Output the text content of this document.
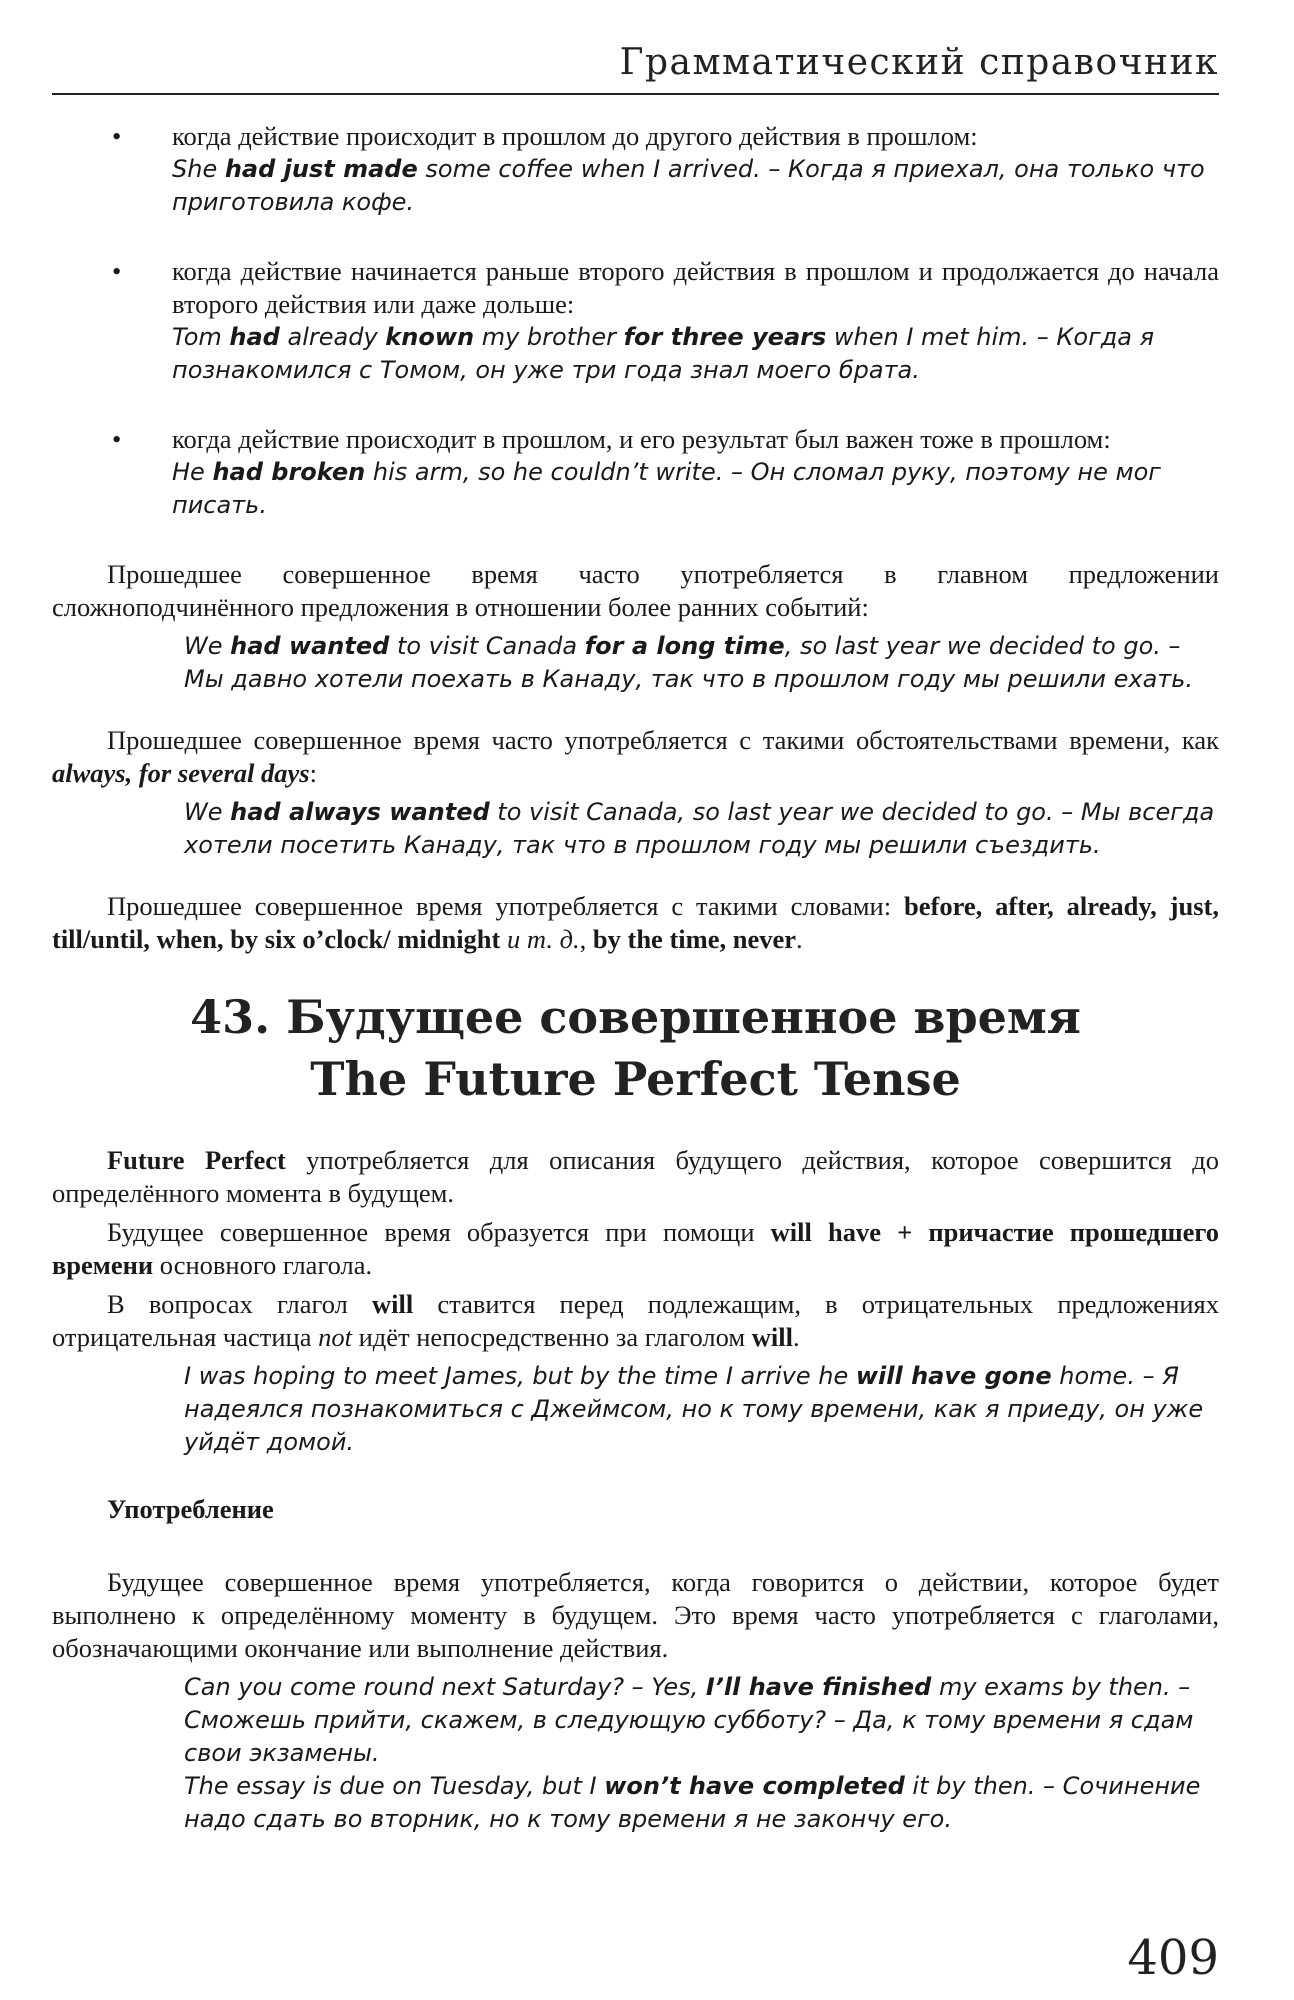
Грамматический справочник
• когда действие происходит в прошлом до другого действия в прошлом:
She had just made some coffee when I arrived. – Когда я приехал, она только что приготовила кофе.
• когда действие начинается раньше второго действия в прошлом и продолжается до начала второго действия или даже дольше:
Tom had already known my brother for three years when I met him. – Когда я познакомился с Томом, он уже три года знал моего брата.
• когда действие происходит в прошлом, и его результат был важен тоже в прошлом:
He had broken his arm, so he couldn’t write. – Он сломал руку, поэтому не мог писать.

Прошедшее совершенное время часто употребляется в главном предложении сложноподчинённого предложения в отношении более ранних событий:

We had wanted to visit Canada for a long time, so last year we decided to go. – Мы давно хотели поехать в Канаду, так что в прошлом году мы решили ехать.

Прошедшее совершенное время часто употребляется с такими обстоятельствами времени, как always, for several days:

We had always wanted to visit Canada, so last year we decided to go. – Мы всегда хотели посетить Канаду, так что в прошлом году мы решили съездить.

Прошедшее совершенное время употребляется с такими словами: before, after, already, just, till/until, when, by six o’clock/ midnight и т. д., by the time, never.

43. Будущее совершенное время
The Future Perfect Tense

Future Perfect употребляется для описания будущего действия, которое совершится до определённого момента в будущем.

Будущее совершенное время образуется при помощи will have + причастие прошедшего времени основного глагола.

В вопросах глагол will ставится перед подлежащим, в отрицательных предложениях отрицательная частица not идёт непосредственно за глаголом will.

I was hoping to meet James, but by the time I arrive he will have gone home. – Я надеялся познакомиться с Джеймсом, но к тому времени, как я приеду, он уже уйдёт домой.
Употребление

Будущее совершенное время употребляется, когда говорится о действии, которое будет выполнено к определённому моменту в будущем. Это время часто употребляется с глаголами, обозначающими окончание или выполнение действия.

Can you come round next Saturday? – Yes, I’ll have finished my exams by then. – Сможешь прийти, скажем, в следующую субботу? – Да, к тому времени я сдам свои экзамены.
The essay is due on Tuesday, but I won’t have completed it by then. – Сочинение надо сдать во вторник, но к тому времени я не закончу его.
409
